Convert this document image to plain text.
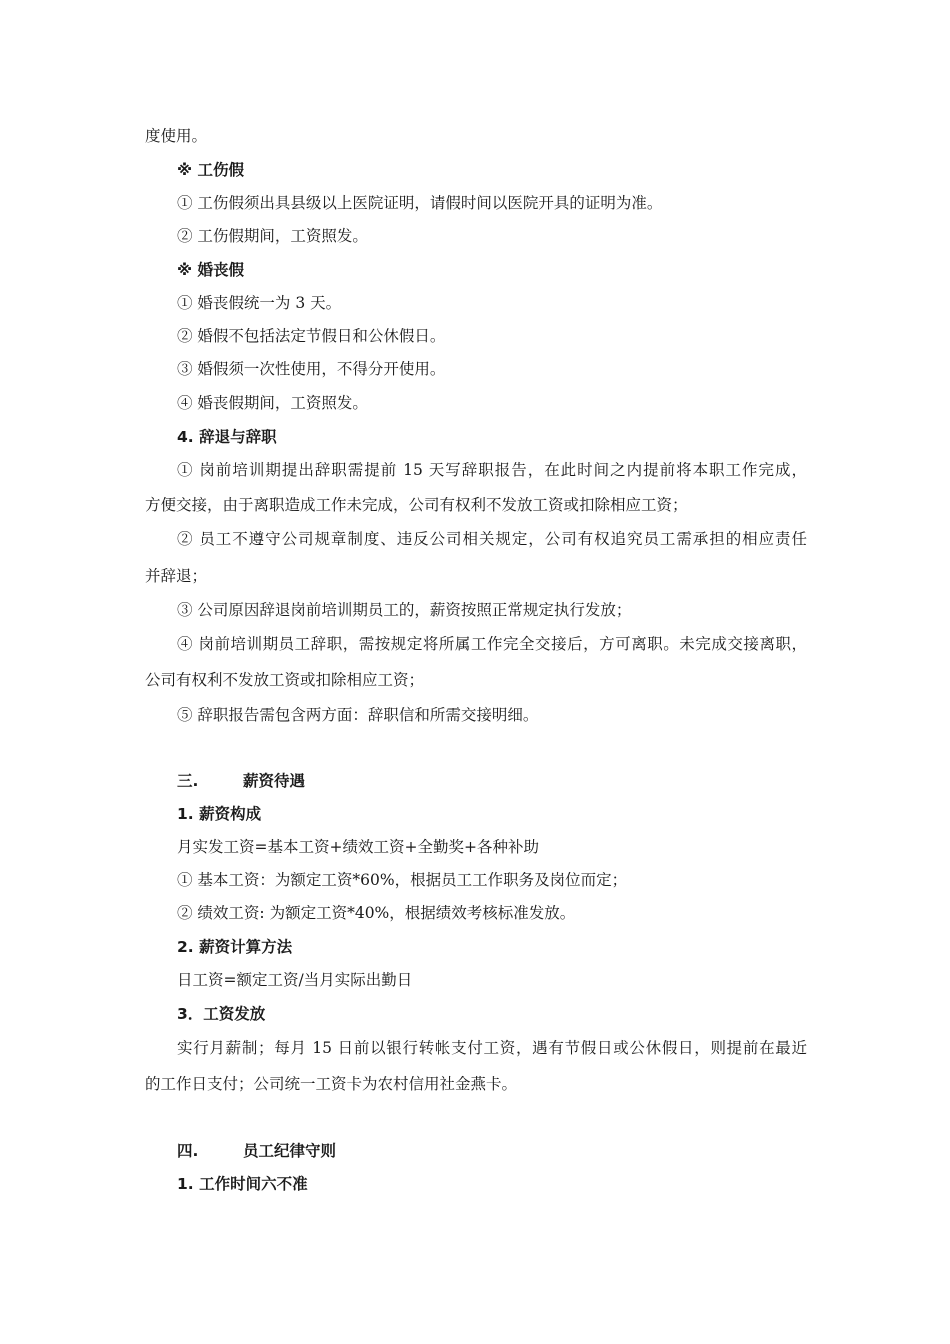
度使用。
※ 工伤假
① 工伤假须出具县级以上医院证明，请假时间以医院开具的证明为准。
② 工伤假期间，工资照发。
※ 婚丧假
① 婚丧假统一为 3 天。
② 婚假不包括法定节假日和公休假日。
③ 婚假须一次性使用，不得分开使用。
④ 婚丧假期间，工资照发。
4. 辞退与辞职
① 岗前培训期提出辞职需提前 15 天写辞职报告，在此时间之内提前将本职工作完成，
方便交接，由于离职造成工作未完成，公司有权利不发放工资或扣除相应工资；
② 员工不遵守公司规章制度、违反公司相关规定，公司有权追究员工需承担的相应责任
并辞退；
③ 公司原因辞退岗前培训期员工的，薪资按照正常规定执行发放；
④ 岗前培训期员工辞职，需按规定将所属工作完全交接后，方可离职。未完成交接离职，
公司有权利不发放工资或扣除相应工资；
⑤ 辞职报告需包含两方面：辞职信和所需交接明细。
三.	薪资待遇
1. 薪资构成
月实发工资=基本工资+绩效工资+全勤奖+各种补助
① 基本工资：为额定工资*60%，根据员工工作职务及岗位而定；
② 绩效工资: 为额定工资*40%，根据绩效考核标准发放。
2. 薪资计算方法
日工资=额定工资/当月实际出勤日
3．工资发放
实行月薪制；每月 15 日前以银行转帐支付工资，遇有节假日或公休假日，则提前在最近
的工作日支付；公司统一工资卡为农村信用社金燕卡。
四.	员工纪律守则
1. 工作时间六不准
